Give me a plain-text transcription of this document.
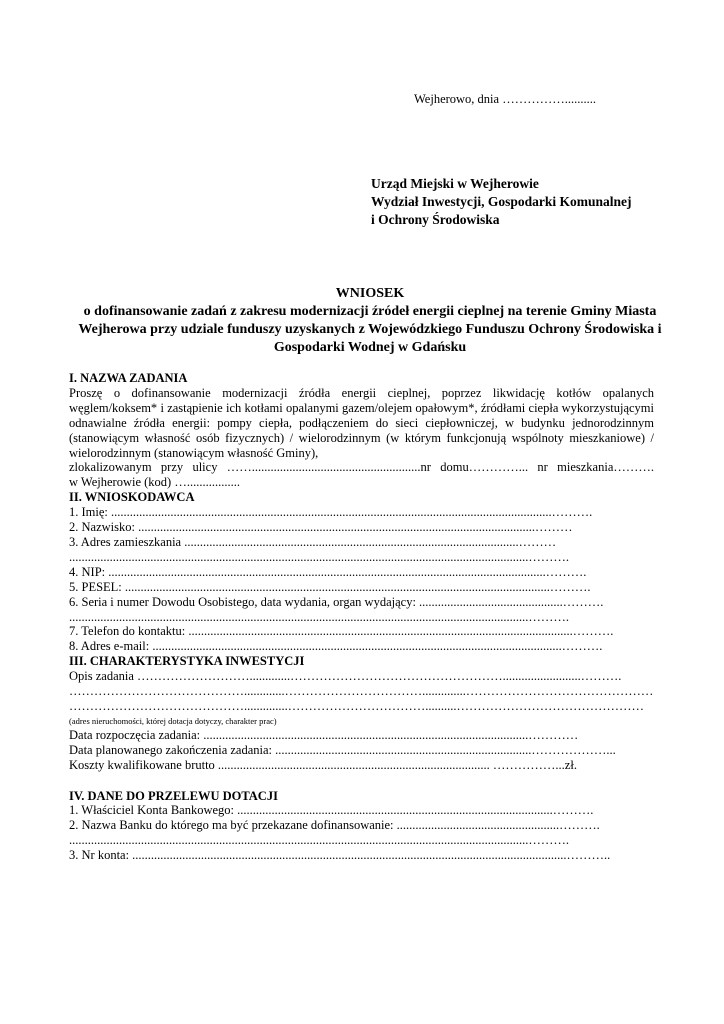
Wejherowo, dnia ……………..........
Urząd Miejski w Wejherowie
Wydział Inwestycji, Gospodarki Komunalnej
i Ochrony Środowiska
WNIOSEK
o dofinansowanie zadań z zakresu modernizacji źródeł energii cieplnej na terenie Gminy Miasta Wejherowa przy udziale funduszy uzyskanych z Wojewódzkiego Funduszu Ochrony Środowiska i Gospodarki Wodnej w Gdańsku
I. NAZWA ZADANIA
Proszę o dofinansowanie modernizacji źródła energii cieplnej, poprzez likwidację kotłów opalanych węglem/koksem* i zastąpienie ich kotłami opalanymi gazem/olejem opałowym*, źródłami ciepła wykorzystującymi odnawialne źródła energii: pompy ciepła, podłączeniem do sieci ciepłowniczej, w budynku jednorodzinnym (stanowiącym własność osób fizycznych) / wielorodzinnym (w którym funkcjonują wspólnoty mieszkaniowe) / wielorodzinnym (stanowiącym własność Gminy),
zlokalizowanym przy ulicy ……......................................................nr domu…………... nr mieszkania……….
w Wejherowie (kod) ….................
II. WNIOSKODAWCA
1. Imię: .............................................................................................................................................……….
2. Nazwisko: ...............................................................................................................................………
3. Adres zamieszkania ...........................................................................................................………
...................................................................................................................................................……….
4. NIP: ............................................................................................................................................……….
5. PESEL: ........................................................................................................................................……….
6. Seria i numer Dowodu Osobistego, data wydania, organ wydający: ..............................................……….
...................................................................................................................................................……….
7. Telefon do kontaktu: ...........................................................................................................................……….
8. Adres e-mail: ...................................................................................................................................……….
III. CHARAKTERYSTYKA INWESTYCJI
Opis zadania ……………………….............…………………………………………….........................……….
…………………………………….............……………………………..............………………………………………
……………………………………..............……………………………..........………………………………………
(adres nieruchomości, której dotacja dotyczy, charakter prac)
Data rozpoczęcia zadania: ........................................................................................................…………
Data planowanego zakończenia zadania: ..................................................................................………………...
Koszty kwalifikowane brutto ....................................................................................... ……………...zł.
IV. DANE DO PRZELEWU DOTACJI
1. Właściciel Konta Bankowego: .....................................................................................................……….
2. Nazwa Banku do którego ma być przekazane dofinansowanie: ....................................................……….
...................................................................................................................................................……….
3. Nr konta: ...........................................................................................................................................………..
